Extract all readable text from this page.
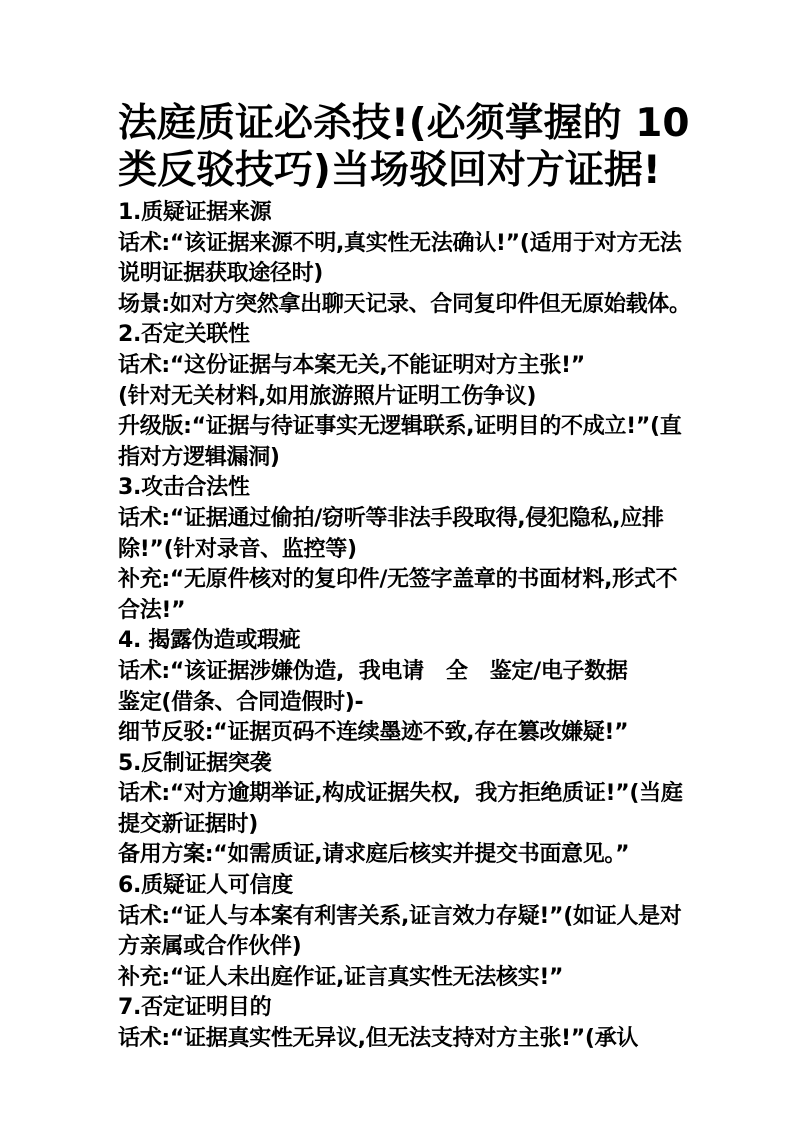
法庭质证必杀技!(必须掌握的 10
类反驳技巧)当场驳回对方证据!
1.质疑证据来源
话术:“该证据来源不明,真实性无法确认!”(适用于对方无法
说明证据获取途径时)
场景:如对方突然拿出聊天记录、合同复印件但无原始载体。
2.否定关联性
话术:“这份证据与本案无关,不能证明对方主张!”
(针对无关材料,如用旅游照片证明工伤争议)
升级版:“证据与待证事实无逻辑联系,证明目的不成立!”(直
指对方逻辑漏洞)
3.攻击合法性
话术:“证据通过偷拍/窃听等非法手段取得,侵犯隐私,应排
除!”(针对录音、监控等)
补充:“无原件核对的复印件/无签字盖章的书面材料,形式不
合法!”
4. 揭露伪造或瑕疵
话术:“该证据涉嫌伪造,  我电请   全   鉴定/电子数据
鉴定(借条、合同造假时)-
细节反驳:“证据页码不连续墨迹不致,存在篡改嫌疑!”
5.反制证据突袭
话术:“对方逾期举证,构成证据失权,  我方拒绝质证!”(当庭
提交新证据时)
备用方案:“如需质证,请求庭后核实并提交书面意见。”
6.质疑证人可信度
话术:“证人与本案有利害关系,证言效力存疑!”(如证人是对
方亲属或合作伙伴)
补充:“证人未出庭作证,证言真实性无法核实!”
7.否定证明目的
话术:“证据真实性无异议,但无法支持对方主张!”(承认
